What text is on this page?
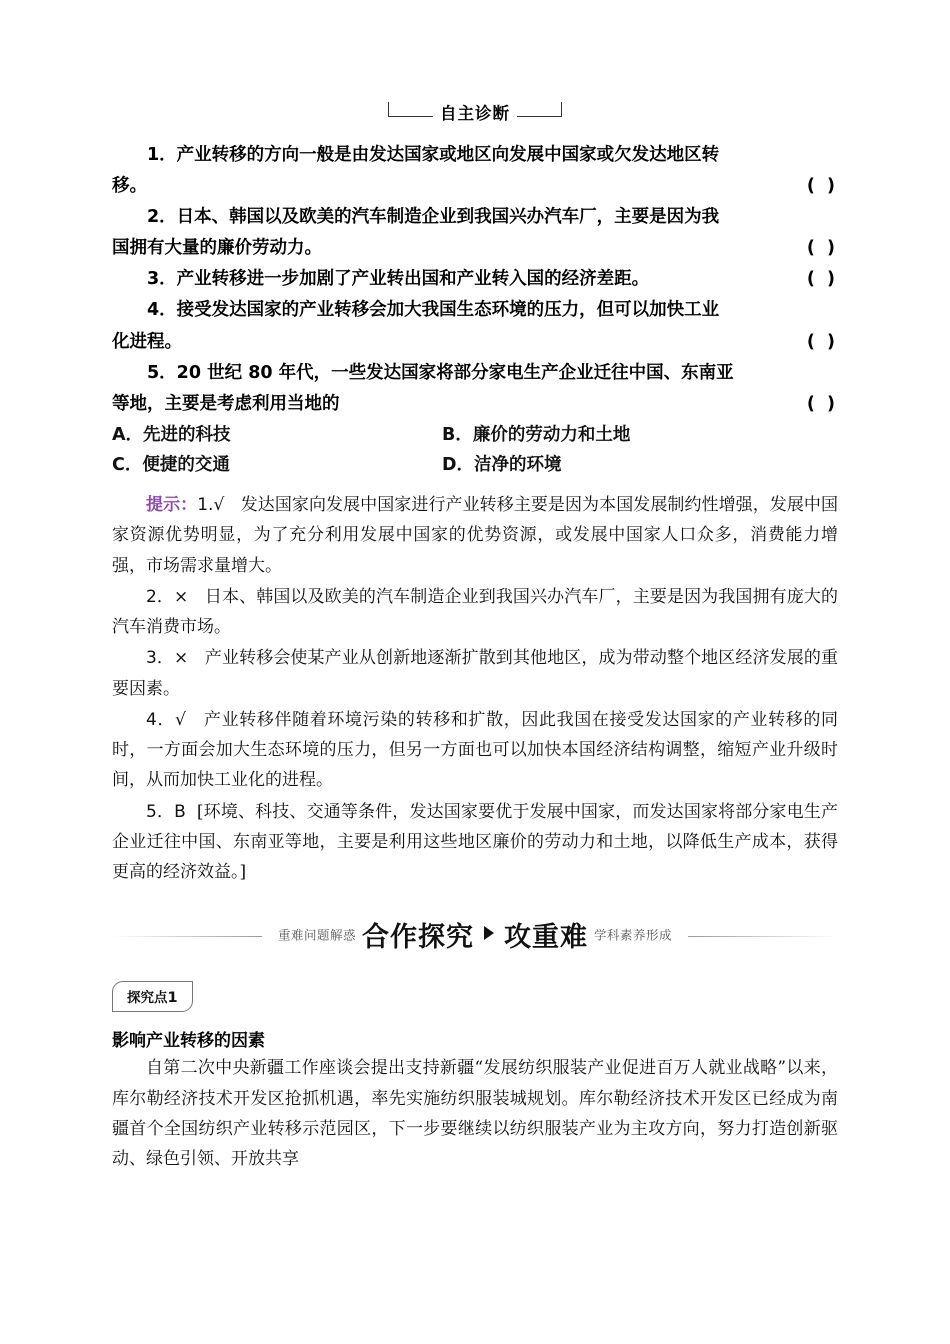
自主诊断
1．产业转移的方向一般是由发达国家或地区向发展中国家或欠发达地区转
( )
移。
2．日本、韩国以及欧美的汽车制造企业到我国兴办汽车厂，主要是因为我
( )
国拥有大量的廉价劳动力。
( )
3．产业转移进一步加剧了产业转出国和产业转入国的经济差距。
4．接受发达国家的产业转移会加大我国生态环境的压力，但可以加快工业
( )
化进程。
5．20 世纪 80 年代，一些发达国家将部分家电生产企业迁往中国、东南亚
( )
等地，主要是考虑利用当地的
A．先进的科技	B．廉价的劳动力和土地
C．便捷的交通	D．洁净的环境
提示：1.√ 发达国家向发展中国家进行产业转移主要是因为本国发展制约性增强，发展中国家资源优势明显，为了充分利用发展中国家的优势资源，或发展中国家人口众多，消费能力增强，市场需求量增大。
2．× 日本、韩国以及欧美的汽车制造企业到我国兴办汽车厂，主要是因为我国拥有庞大的汽车消费市场。
3．× 产业转移会使某产业从创新地逐渐扩散到其他地区，成为带动整个地区经济发展的重要因素。
4．√ 产业转移伴随着环境污染的转移和扩散，因此我国在接受发达国家的产业转移的同时，一方面会加大生态环境的压力，但另一方面也可以加快本国经济结构调整，缩短产业升级时间，从而加快工业化的进程。
5．B [环境、科技、交通等条件，发达国家要优于发展中国家，而发达国家将部分家电生产企业迁往中国、东南亚等地，主要是利用这些地区廉价的劳动力和土地，以降低生产成本，获得更高的经济效益。]
重难问题解惑 合作探究 攻重难 学科素养形成
探究点1
影响产业转移的因素
自第二次中央新疆工作座谈会提出支持新疆“发展纺织服装产业促进百万人就业战略”以来，库尔勒经济技术开发区抢抓机遇，率先实施纺织服装城规划。库尔勒经济技术开发区已经成为南疆首个全国纺织产业转移示范园区，下一步要继续以纺织服装产业为主攻方向，努力打造创新驱动、绿色引领、开放共享
